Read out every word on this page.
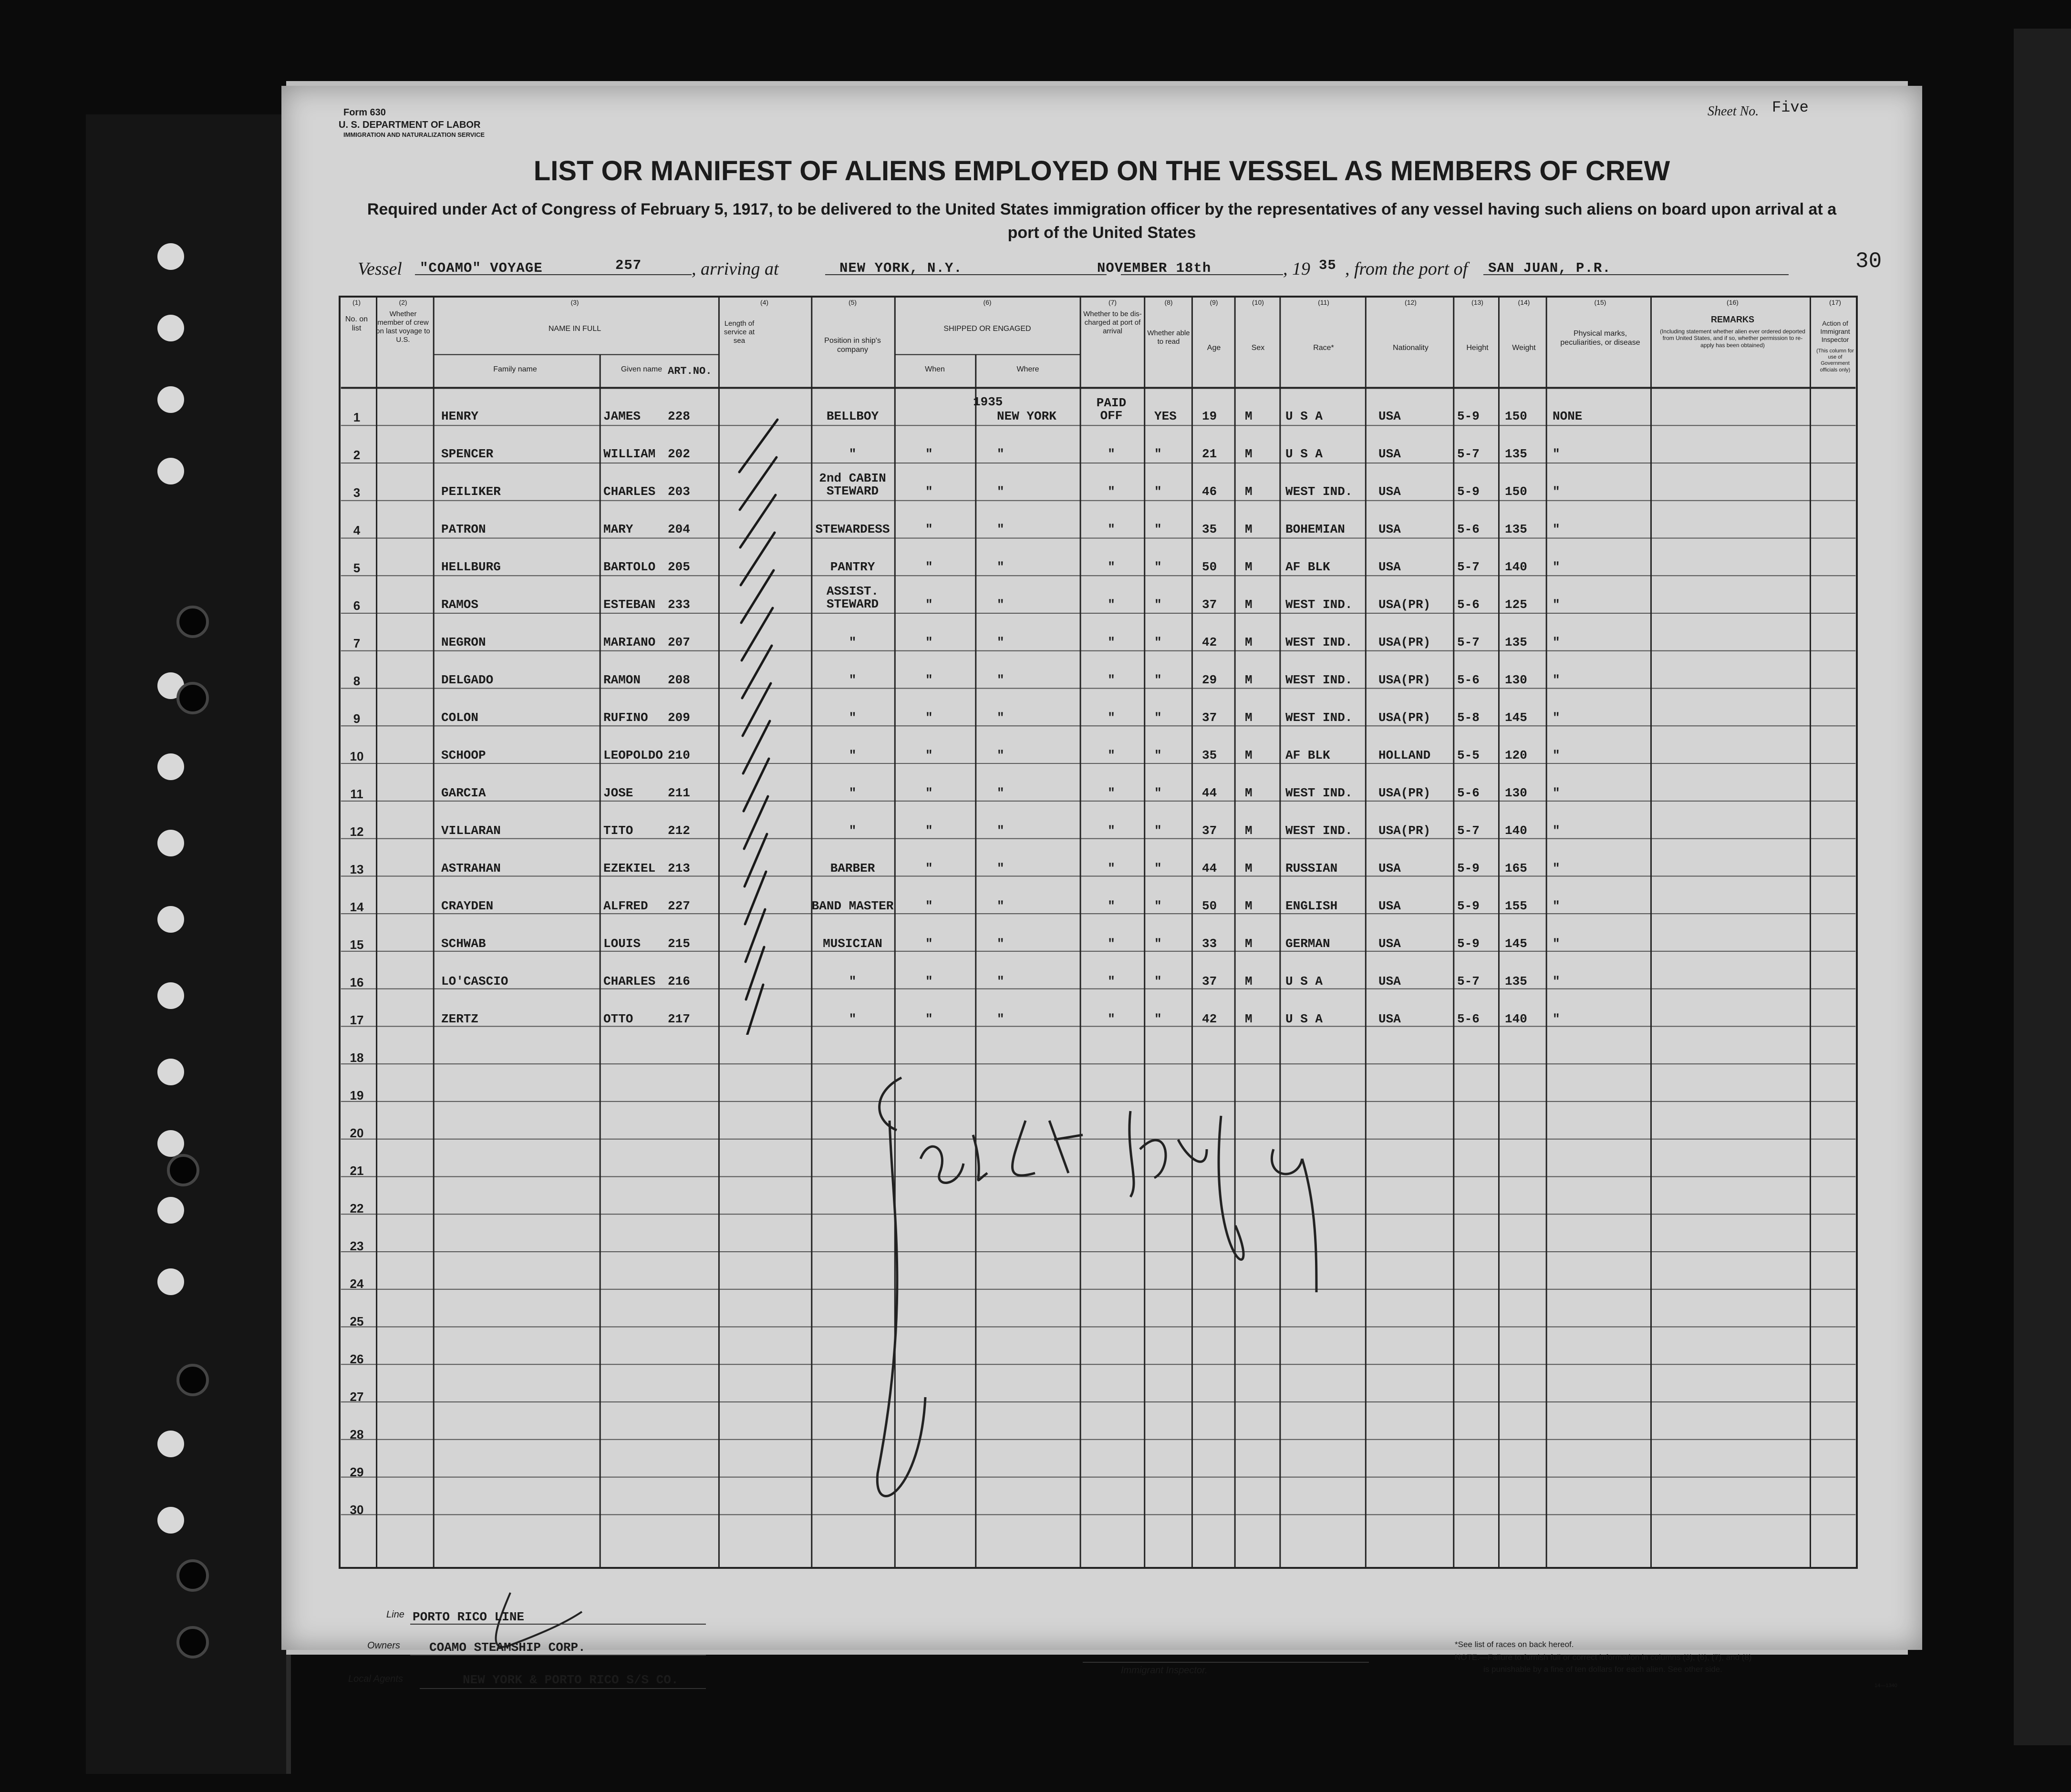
Form 630
U. S. DEPARTMENT OF LABOR
IMMIGRATION AND NATURALIZATION SERVICE
Sheet No. Five
LIST OR MANIFEST OF ALIENS EMPLOYED ON THE VESSEL AS MEMBERS OF CREW
Required under Act of Congress of February 5, 1917, to be delivered to the United States immigration officer by the representatives of any vessel having such aliens on board upon arrival at a port of the United States
Vessel "COAMO" VOYAGE	257	, arriving at	NEW YORK, N.Y.	NOVEMBER 18th	, 19 35 , from the port of SAN JUAN, P.R.	30
(1)	(2)	(3)	(4)	(5)	(6)	(7)	(8)	(9)	(10)	(11)	(12)	(13)	(14)	(15)	(16)	(17)
No. on list
Whether member of crew on last voyage to U.S.
NAME IN FULL
Family name	Given name ART.NO.
Length of service at sea	Position in ship's company
SHIPPED OR ENGAGED
When	Where
Whether to be dis-charged at port of arrival	Whether able to read
Age	Sex	Race*	Nationality	Height	Weight
Physical marks, peculiarities, or disease
REMARKS
(Including statement whether alien ever ordered deported from United States, and if so, whether permission to re-apply has been obtained)
Action of Immigrant Inspector
(This column for use of Government officials only)
1935
1	HENRY	JAMES 228	BELLBOY	NEW YORK
PAID OFF	YES 19 M	U S A	USA	5-9 150 NONE
2	SPENCER	WILLIAM 202	"	"	"	"	"	21 M	U S A	USA	5-7 135 "
3	PEILIKER	CHARLES 203
2nd CABIN STEWARD	"	"	"	"	46 M	WEST IND. USA	5-9 150 "
4	PATRON	MARY	204	STEWARDESS	"	"	"	"	35 M	BOHEMIAN	USA	5-6 135 "
5	HELLBURG	BARTOLO 205	PANTRY	"	"	"	"	50 M	AF BLK	USA	5-7 140 "
6	RAMOS	ESTEBAN 233
ASSIST. STEWARD	"	"	"	"	37 M	WEST IND. USA(PR) 5-6 125 "
7	NEGRON	MARIANO 207	"	"	"	"	"	42 M	WEST IND. USA(PR) 5-7 135 "
8	DELGADO	RAMON 208	"	"	"	"	"	29 M	WEST IND. USA(PR) 5-6 130 "
9	COLON	RUFINO 209	"	"	"	"	"	37 M	WEST IND. USA(PR) 5-8 145 "
10	SCHOOP	LEOPOLDO 210	"	"	"	"	"	35 M	AF BLK	HOLLAND 5-5 120 "
11	GARCIA	JOSE	211	"	"	"	"	"	44 M	WEST IND. USA(PR) 5-6 130 "
12	VILLARAN	TITO	212	"	"	"	"	"	37 M	WEST IND. USA(PR) 5-7 140 "
13	ASTRAHAN	EZEKIEL 213	BARBER	"	"	"	"	44 M	RUSSIAN	USA	5-9 165 "
14	CRAYDEN	ALFRED 227	BAND MASTER	"	"	"	"	50 M	ENGLISH	USA	5-9 155 "
15	SCHWAB	LOUIS 215	MUSICIAN	"	"	"	"	33 M	GERMAN	USA	5-9 145 "
16	LO'CASCIO	CHARLES 216	"	"	"	"	"	37 M	U S A	USA	5-7 135 "
17	ZERTZ	OTTO	217	"	"	"	"	"	42 M	U S A	USA	5-6 140 "
18
19
20
21
22
23
24
25
26
27
28
29
30
Line PORTO RICO LINE
Owners COAMO STEAMSHIP CORP.
Local Agents	NEW YORK & PORTO RICO S/S CO.
Immigrant Inspector.
*See list of races on back hereof.
NOTE.—Failure to furnish full or correct information in columns (3), (6), (7), and (8)
is punishable by a fine of ten dollars for each alien. See other side.
14—1340
